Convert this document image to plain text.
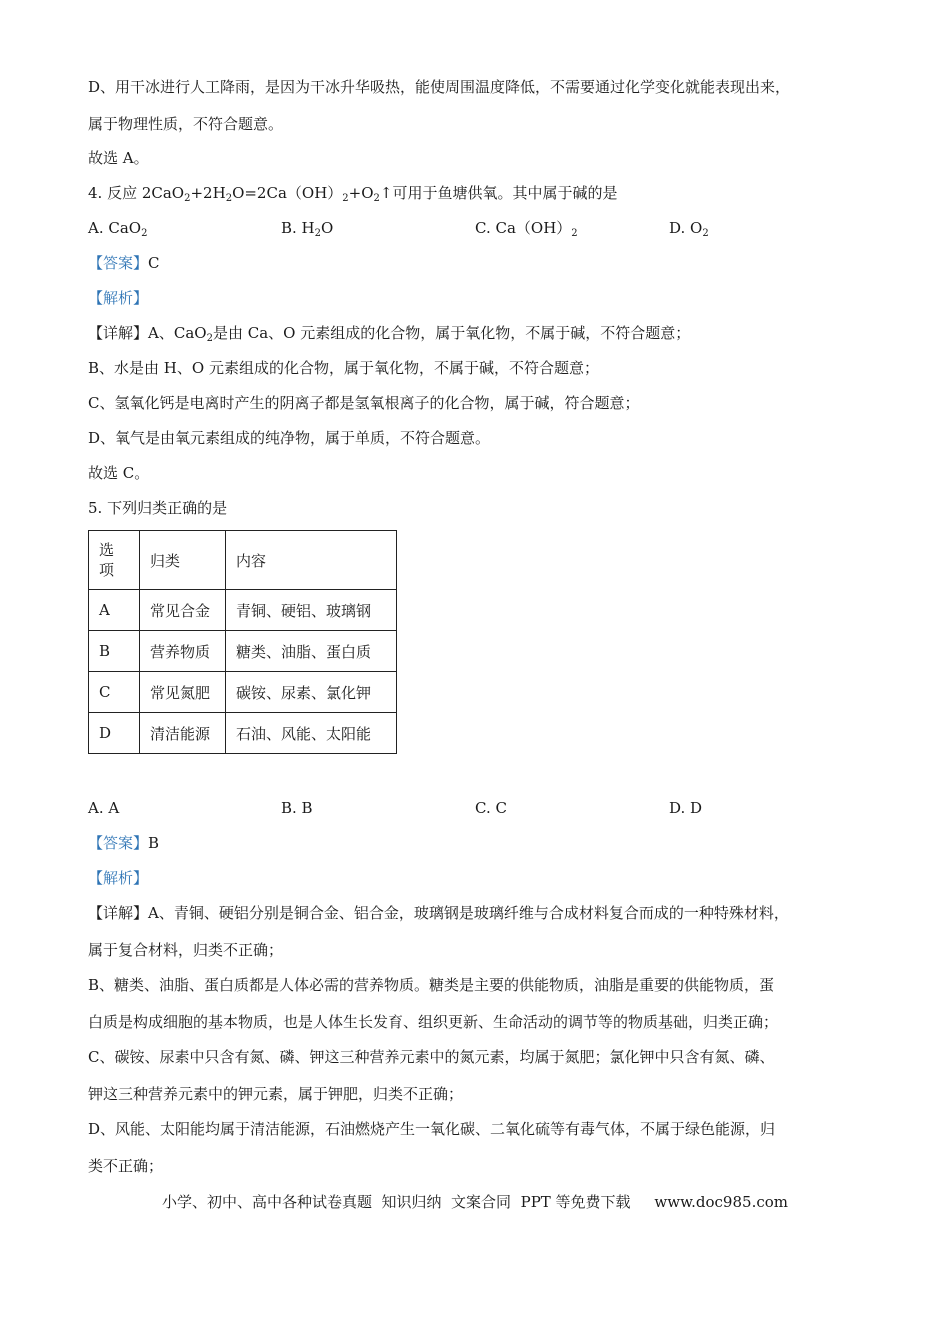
D、用干冰进行人工降雨，是因为干冰升华吸热，能使周围温度降低，不需要通过化学变化就能表现出来，
属于物理性质，不符合题意。
故选 A。
4. 反应 $2CaO_2+2H_2O=2Ca(OH)_2+O_2↑$可用于鱼塘供氧。其中属于碱的是
A. CaO$_2$	B. $H_2O$	C. $Ca(OH)_2$	D. $O_2$
【答案】C
【解析】
【详解】A、CaO$_2$是由 Ca、O 元素组成的化合物，属于氧化物，不属于碱，不符合题意；
B、水是由 H、O 元素组成的化合物，属于氧化物，不属于碱，不符合题意；
C、氢氧化钙是电离时产生的阴离子都是氢氧根离子的化合物，属于碱，符合题意；
D、氧气是由氧元素组成的纯净物，属于单质，不符合题意。
故选 C。
5. 下列归类正确的是
选
项	归类	内容
A	常见合金	青铜、硬铝、玻璃钢
B	营养物质	糖类、油脂、蛋白质
C	常见氮肥	碳铵、尿素、氯化钾
D	清洁能源	石油、风能、太阳能
A. A	B. B	C. C	D. D
【答案】B
【解析】
【详解】A、青铜、硬铝分别是铜合金、铝合金，玻璃钢是玻璃纤维与合成材料复合而成的一种特殊材料，
属于复合材料，归类不正确；
B、糖类、油脂、蛋白质都是人体必需的营养物质。糖类是主要的供能物质，油脂是重要的供能物质，蛋
白质是构成细胞的基本物质，也是人体生长发育、组织更新、生命活动的调节等的物质基础，归类正确；
C、碳铵、尿素中只含有氮、磷、钾这三种营养元素中的氮元素，均属于氮肥；氯化钾中只含有氮、磷、
钾这三种营养元素中的钾元素，属于钾肥，归类不正确；
D、风能、太阳能均属于清洁能源，石油燃烧产生一氧化碳、二氧化硫等有毒气体，不属于绿色能源，归
类不正确；
小学、初中、高中各种试卷真题  知识归纳  文案合同  PPT 等免费下载     www.doc985.com
